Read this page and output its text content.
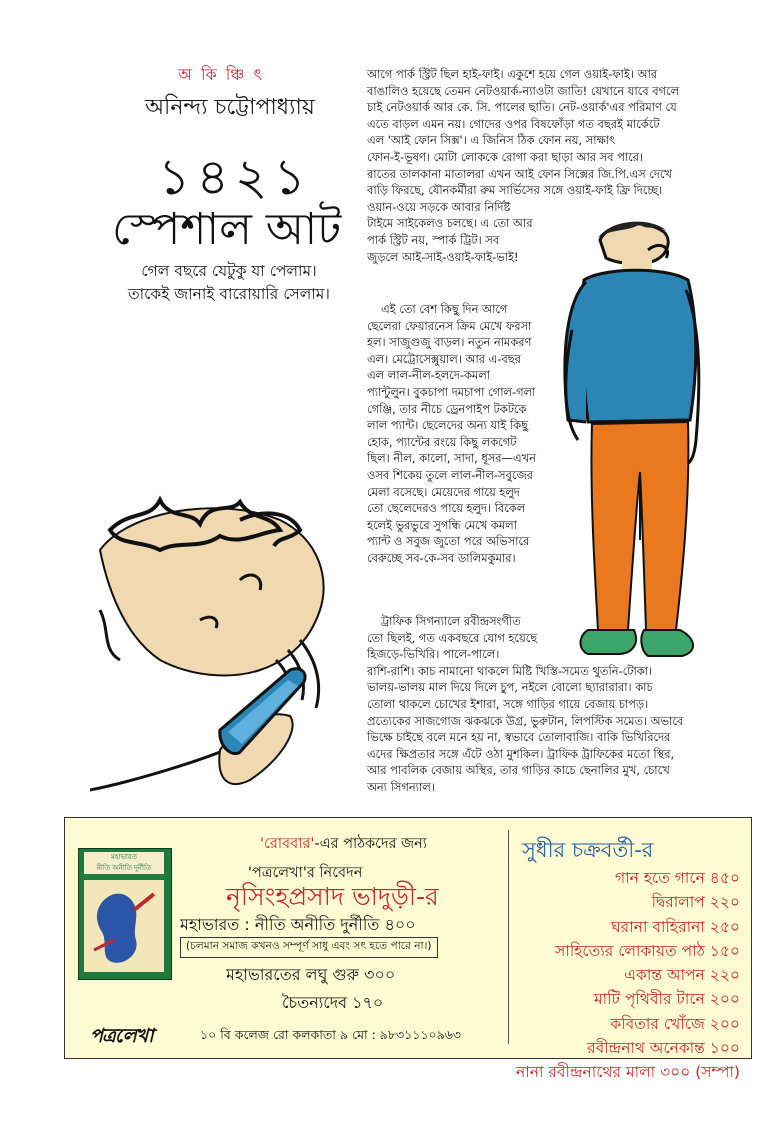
অ কি ঞ্চি ৎ
অনিন্দ্য চট্টোপাধ্যায়
১৪২১
স্পেশাল আট
গেল বছরে যেটুকু যা পেলাম।
তাকেই জানাই বারোয়ারি সেলাম।
আগে পার্ক স্ট্রিট ছিল হাই-ফাই। একুশে হয়ে গেল ওয়াই-ফাই। আর
বাঙালিও হয়েছে তেমন নেটওয়ার্ক-ন্যাওটা জাতি! যেখানে যাবে বগলে
চাই নেটওয়ার্ক আর কে. সি. পালের ছাতি। নেট-ওয়ার্ক'এর পরিমাণ যে
এতে বাড়ল এমন নয়। গোদের ওপর বিষফোঁড়া গত বছরই মার্কেটে
এল 'আই ফোন সিক্স'। এ জিনিস ঠিক ফোন নয়, সাক্ষাৎ
ফোন-ই-ভূষণ। মোটা লোককে রোগা করা ছাড়া আর সব পারে।
রাতের তালকানা মাতালরা এখন আই ফোন সিক্সের জি.পি.এস দেখে
বাড়ি ফিরছে, যৌনকর্মীরা রুম সার্ভিসের সঙ্গে ওয়াই-ফাই ফ্রি দিচ্ছে।
ওয়ান-ওয়ে সড়কে আবার নির্দিষ্ট
টাইমে সাইকেলও চলছে। এ তো আর
পার্ক স্ট্রিট নয়, স্পার্ক ট্রিট। সব
জুড়লে আই-সাই-ওয়াই-ফাই-ভাই!
এই তো বেশ কিছু দিন আগে
ছেলেরা ফেয়ারনেস ক্রিম মেখে ফরসা
হল। সাজুগুজু বাড়ল। নতুন নামকরণ
এল। মেট্রোসেক্সুয়াল। আর এ-বছর
এল লাল-নীল-হলদে-কমলা
প্যান্টুলুন। বুকচাপা দমচাপা গোল-গলা
গেঞ্জি, তার নীচে ড্রেনপাইপ টকটকে
লাল প্যান্ট। ছেলেদের অন্য যাই কিছু
হোক, প্যান্টের রংয়ে কিছু লকগেট
ছিল। নীল, কালো, সাদা, ধূসর—এখন
ওসব শিকেয় তুলে লাল-নীল-সবুজের
মেলা বসেছে। মেয়েদের গায়ে হলুদ
তো ছেলেদেরও পায়ে হলুদ। বিকেল
হলেই ভুরভুরে সুগন্ধি মেখে কমলা
প্যান্ট ও সবুজ জুতো পরে অভিসারে
বেরুচ্ছে সব-কে-সব ডালিমকুমার।
ট্রাফিক সিগন্যালে রবীন্দ্রসংগীত
তো ছিলই, গত একবছরে যোগ হয়েছে
হিজড়ে-ভিখিরি। পালে-পালে।
রাশি-রাশি। কাচ নামানো থাকলে মিষ্টি খিস্তি-সমেত থুতনি-টোকা।
ভালয়-ভালয় মাল দিয়ে দিলে চুপ, নইলে বোলো ছ্যারারারা। কাচ
তোলা থাকলে চোখের ইশারা, সঙ্গে গাড়ির গায়ে বেজায় চাপড়।
প্রত্যেকের সাজগোজ ঝকঝকে উগ্র, ভুরুটান, লিপস্টিক সমেত। অভাবে
ভিক্ষে চাইছে বলে মনে হয় না, স্বভাবে তোলাবাজি। বাকি ভিখিরিদের
এদের ক্ষিপ্রতার সঙ্গে এঁটে ওঠা মুশকিল। ট্রাফিক ট্রাফিকের মতো স্থির,
আর পাবলিক বেজায় অস্থির, তার গাড়ির কাচে ছেনালির মুখ, চোখে
অন্য সিগন্যাল।
মহাভারত
নীতি অনীতি দুর্নীতি
'রোববার'-এর পাঠকদের জন্য
'পত্রলেখা'র নিবেদন
নৃসিংহপ্রসাদ ভাদুড়ী-র
মহাভারত : নীতি অনীতি দুর্নীতি ৪০০
(চলমান সমাজ কখনও সম্পূর্ণ সাধু এবং সৎ হতে পারে না।)
মহাভারতের লঘু গুরু ৩০০
চৈতন্যদেব ১৭০
পত্রলেখা	১০ বি কলেজ রো কলকাতা ৯ মো : ৯৮৩১১১০৯৬৩
সুধীর চক্রবর্তী-র
গান হতে গানে ৪৫০
দ্বিরালাপ ২২০
ঘরানা বাহিরানা ২৫০
সাহিত্যের লোকায়ত পাঠ ১৫০
একান্ত আপন ২২০
মাটি পৃথিবীর টানে ২০০
কবিতার খোঁজে ২০০
রবীন্দ্রনাথ অনেকান্ত ১০০
নানা রবীন্দ্রনাথের মালা ৩০০ (সম্পা)
